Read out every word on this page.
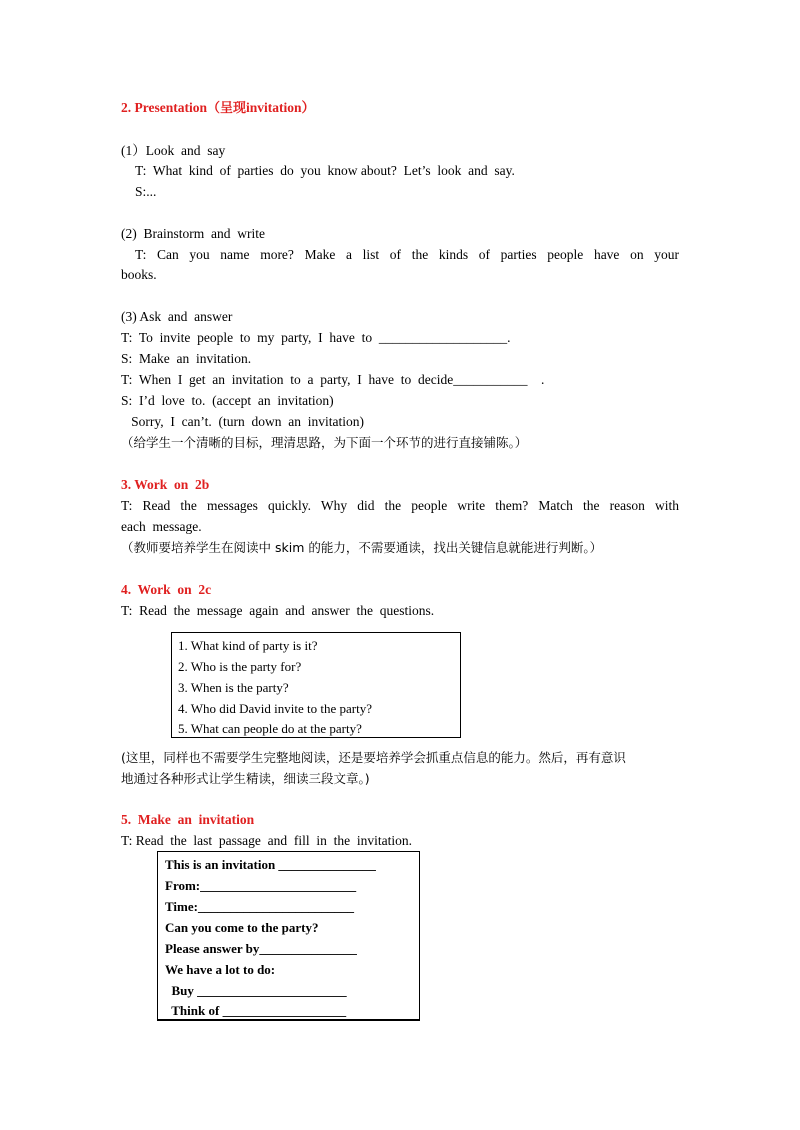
2. Presentation（呈现invitation）
(1）Look  and  say
T:  What  kind  of  parties  do  you  know about?  Let’s  look  and  say.
S:...
(2)  Brainstorm  and  write
T: Can you name more? Make a list of the kinds of parties people have on your
books.
(3) Ask  and  answer
T:  To  invite  people  to  my  party,  I  have  to  ___________________.
S:  Make  an  invitation.
T:  When  I  get  an  invitation  to  a  party,  I  have  to  decide___________    .
S:  I’d  love  to.  (accept  an  invitation)
Sorry,  I  can’t.  (turn  down  an  invitation)
（给学生一个清晰的目标，理清思路，为下面一个环节的进行直接铺陈。）
3. Work  on  2b
T: Read the messages quickly. Why did the people write them? Match the reason with
each  message.
（教师要培养学生在阅读中 skim 的能力，不需要通读，找出关键信息就能进行判断。）
4.  Work  on  2c
T:  Read  the  message  again  and  answer  the  questions.
1. What kind of party is it?
2. Who is the party for?
3. When is the party?
4. Who did David invite to the party?
5. What can people do at the party?
(这里，同样也不需要学生完整地阅读，还是要培养学会抓重点信息的能力。然后，再有意识
地通过各种形式让学生精读，细读三段文章。)
5.  Make  an  invitation
T: Read  the  last  passage  and  fill  in  the  invitation.
This is an invitation _______________
From:________________________
Time:________________________
Can you come to the party?
Please answer by_______________
We have a lot to do:
Buy _______________________
Think of ___________________
